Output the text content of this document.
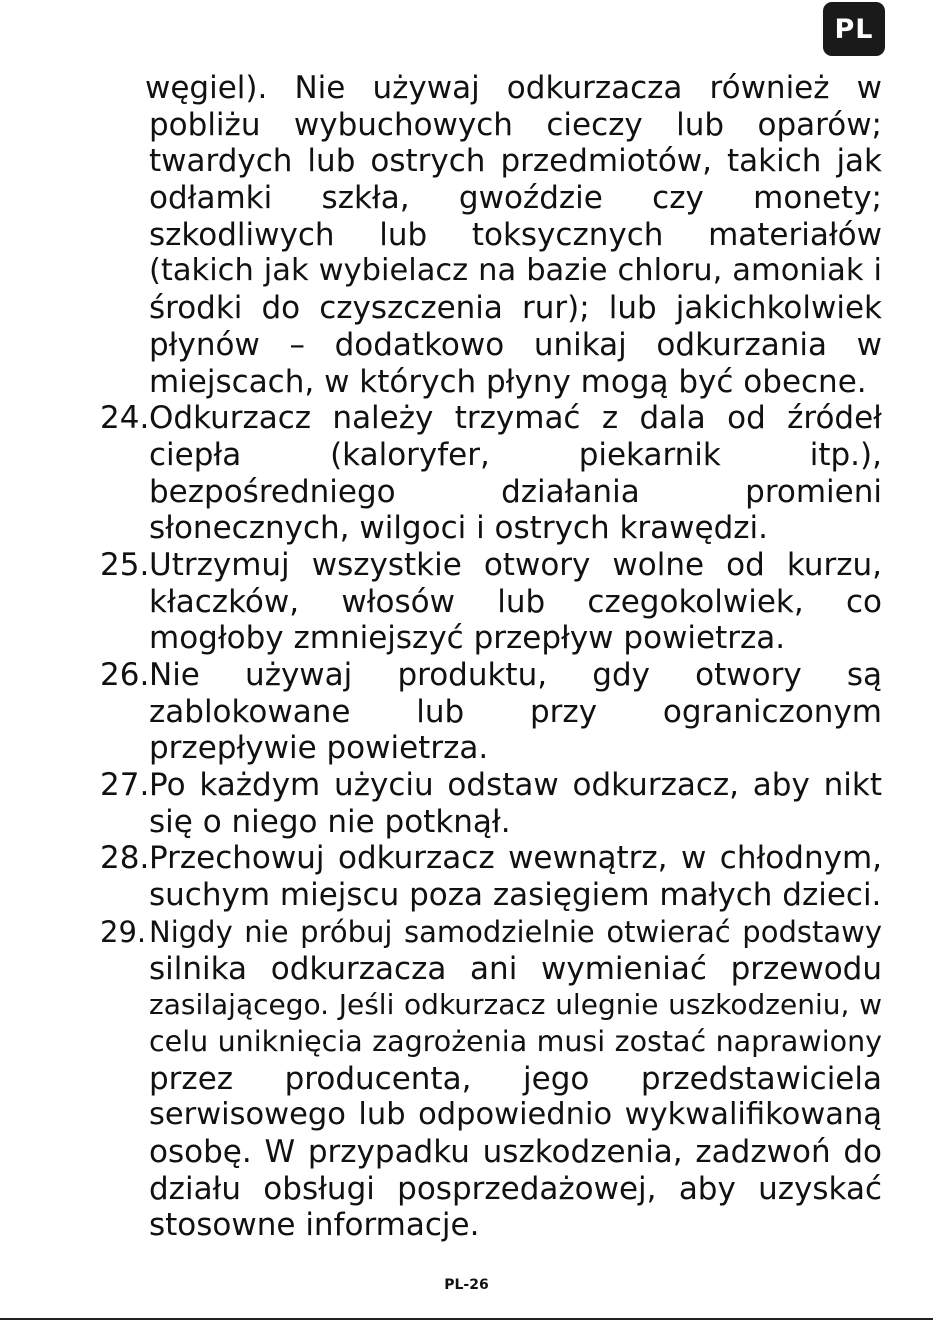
PL
węgiel). Nie używaj odkurzacza również w
pobliżu wybuchowych cieczy lub oparów;
twardych lub ostrych przedmiotów, takich jak
odłamki szkła, gwoździe czy monety;
szkodliwych lub toksycznych materiałów
(takich jak wybielacz na bazie chloru, amoniak i
środki do czyszczenia rur); lub jakichkolwiek
płynów – dodatkowo unikaj odkurzania w
miejscach, w których płyny mogą być obecne.
24.Odkurzacz należy trzymać z dala od źródeł
ciepła (kaloryfer, piekarnik itp.),
bezpośredniego działania promieni
słonecznych, wilgoci i ostrych krawędzi.
25.Utrzymuj wszystkie otwory wolne od kurzu,
kłaczków, włosów lub czegokolwiek, co
mogłoby zmniejszyć przepływ powietrza.
26.Nie używaj produktu, gdy otwory są
zablokowane lub przy ograniczonym
przepływie powietrza.
27.Po każdym użyciu odstaw odkurzacz, aby nikt
się o niego nie potknął.
28.Przechowuj odkurzacz wewnątrz, w chłodnym,
suchym miejscu poza zasięgiem małych dzieci.
29.Nigdy nie próbuj samodzielnie otwierać podstawy
silnika odkurzacza ani wymieniać przewodu
zasilającego. Jeśli odkurzacz ulegnie uszkodzeniu, w
celu uniknięcia zagrożenia musi zostać naprawiony
przez producenta, jego przedstawiciela
serwisowego lub odpowiednio wykwalifikowaną
osobę. W przypadku uszkodzenia, zadzwoń do
działu obsługi posprzedażowej, aby uzyskać
stosowne informacje.
PL-26
